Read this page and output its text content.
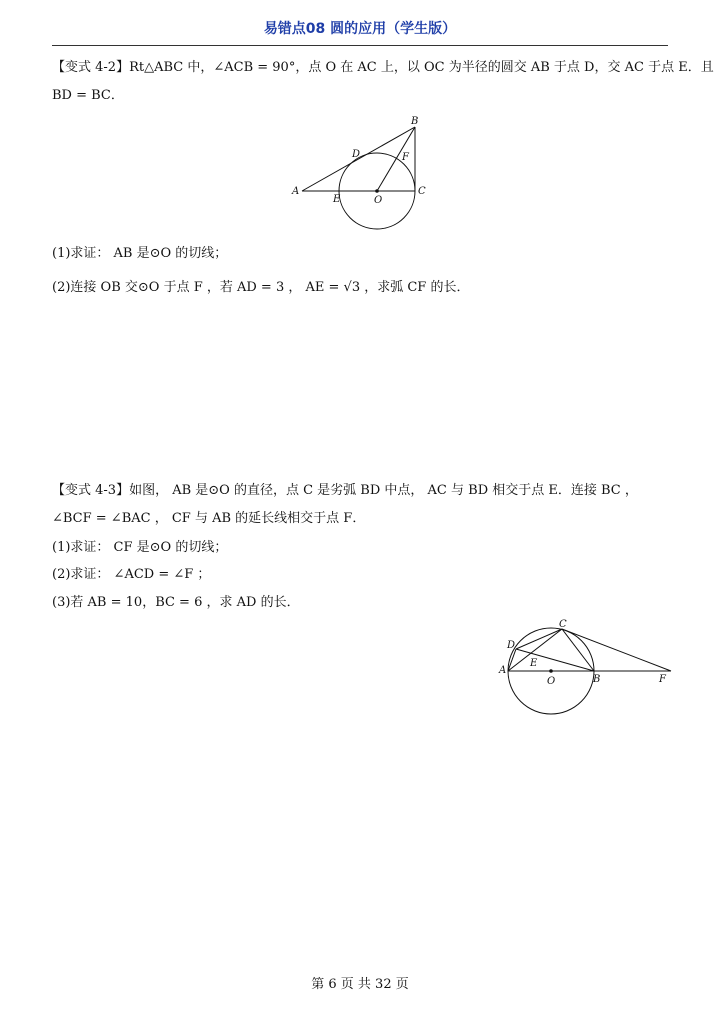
易错点08 圆的应用（学生版）
【变式 4-2】Rt△ABC 中，∠ACB = 90°，点 O 在 AC 上，以 OC 为半径的圆交 AB 于点 D，交 AC 于点 E．且
BD = BC．
A
B
C
D
E
F
O
(1)求证： AB 是⊙O 的切线；
(2)连接 OB 交⊙O 于点 F ，若 AD = 3 ， AE = √3 ，求弧 CF 的长．
【变式 4-3】如图， AB 是⊙O 的直径，点 C 是劣弧 BD 中点， AC 与 BD 相交于点 E．连接 BC ，
∠BCF = ∠BAC ， CF 与 AB 的延长线相交于点 F．
(1)求证： CF 是⊙O 的切线；
(2)求证： ∠ACD = ∠F ；
(3)若 AB = 10，BC = 6 ，求 AD 的长．
A
B
C
D
E
F
O
第 6 页 共 32 页
